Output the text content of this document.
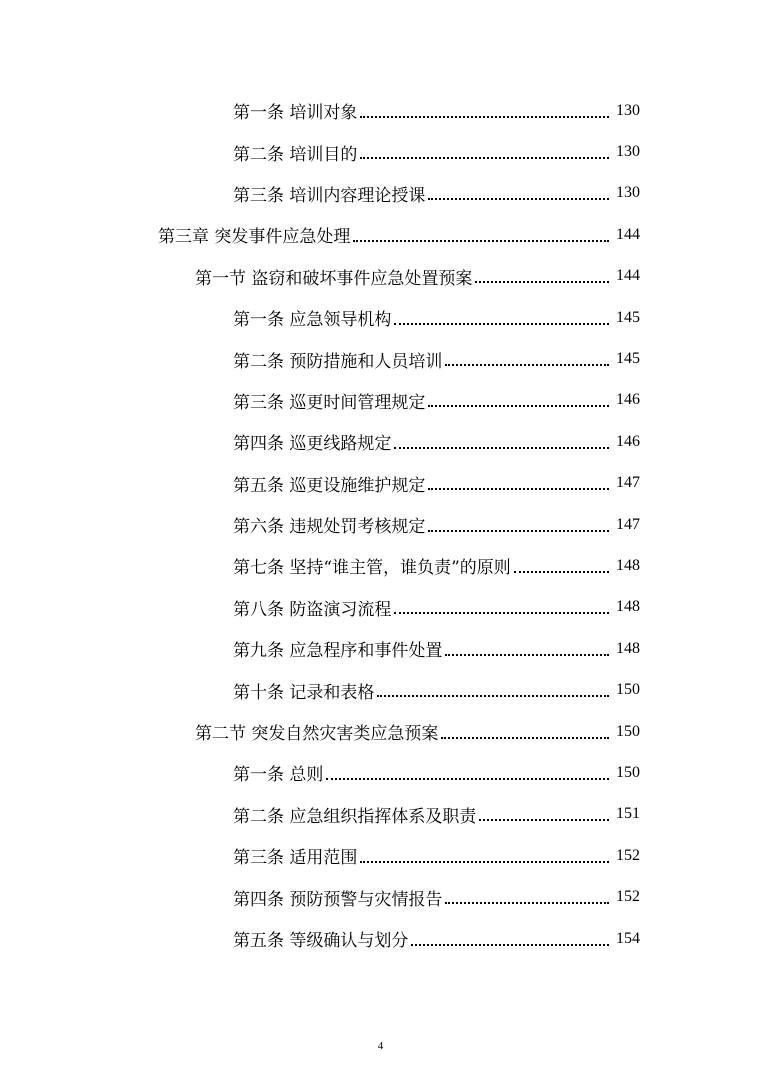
第一条 培训对象	130
第二条 培训目的	130
第三条 培训内容理论授课	130
第三章 突发事件应急处理	144
第一节 盗窃和破坏事件应急处置预案	144
第一条 应急领导机构	145
第二条 预防措施和人员培训	145
第三条 巡更时间管理规定	146
第四条 巡更线路规定	146
第五条 巡更设施维护规定	147
第六条 违规处罚考核规定	147
第七条 坚持“谁主管，谁负责”的原则	148
第八条 防盗演习流程	148
第九条 应急程序和事件处置	148
第十条 记录和表格	150
第二节 突发自然灾害类应急预案	150
第一条 总则	150
第二条 应急组织指挥体系及职责	151
第三条 适用范围	152
第四条 预防预警与灾情报告	152
第五条 等级确认与划分	154
4
